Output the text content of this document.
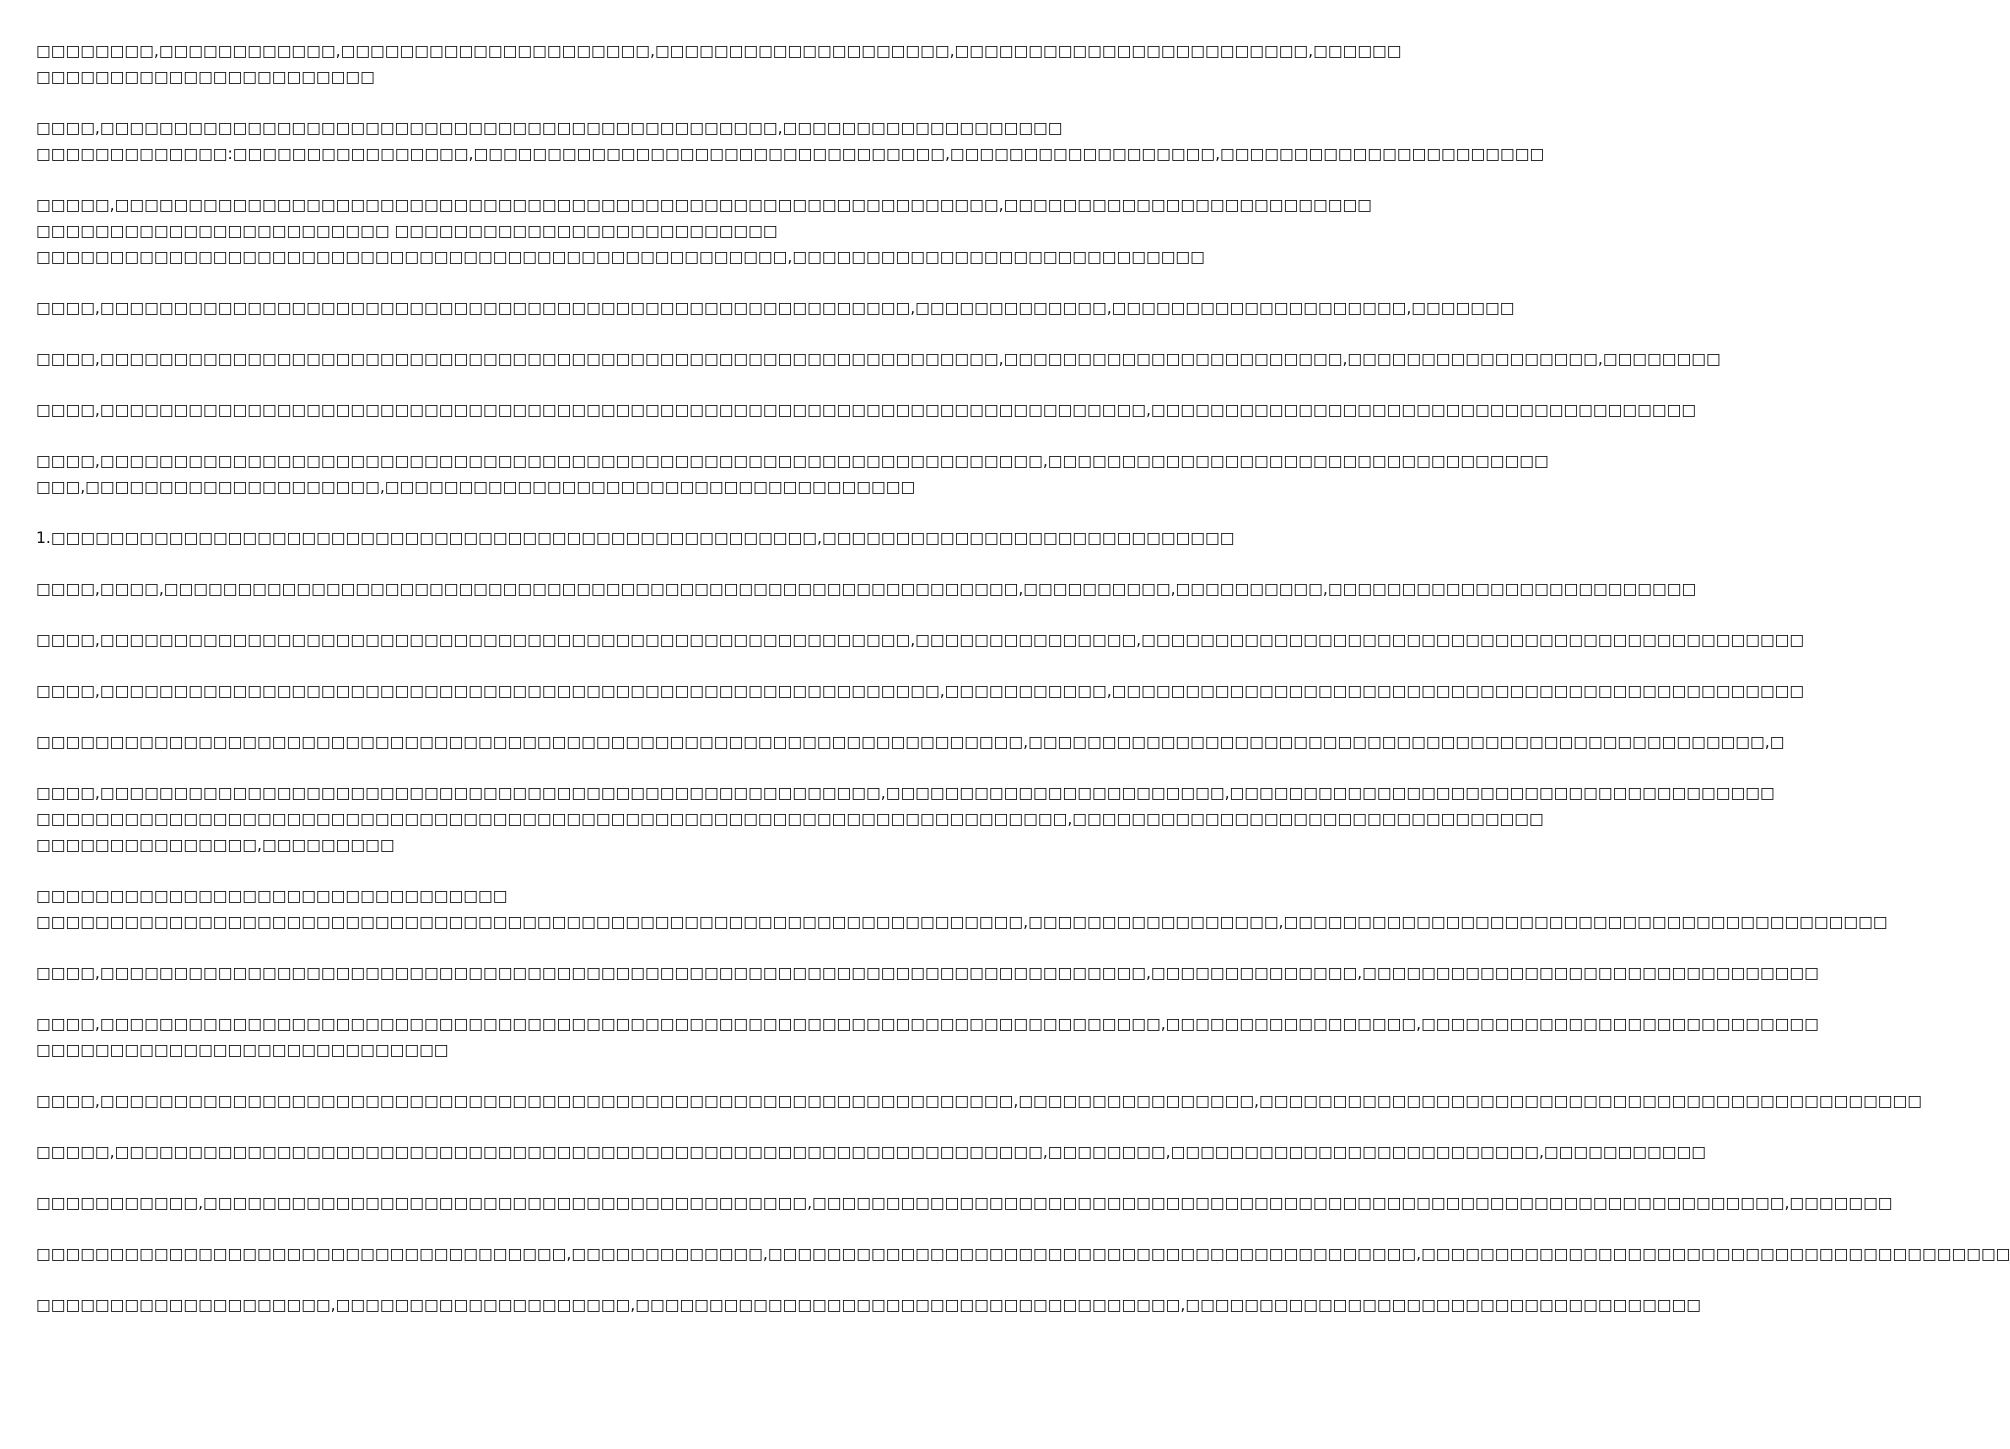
□□□□□□□□,□□□□□□□□□□□□,□□□□□□□□□□□□□□□□□□□□□,□□□□□□□□□□□□□□□□□□□□,□□□□□□□□□□□□□□□□□□□□□□□□,□□□□□□
□□□□□□□□□□□□□□□□□□□□□□□
□□□□,□□□□□□□□□□□□□□□□□□□□□□□□□□□□□□□□□□□□□□□□□□□□□□,□□□□□□□□□□□□□□□□□□□
□□□□□□□□□□□□□:□□□□□□□□□□□□□□□□,□□□□□□□□□□□□□□□□□□□□□□□□□□□□□□□□,□□□□□□□□□□□□□□□□□□,□□□□□□□□□□□□□□□□□□□□□□
□□□□□,□□□□□□□□□□□□□□□□□□□□□□□□□□□□□□□□□□□□□□□□□□□□□□□□□□□□□□□□□□□□,□□□□□□□□□□□□□□□□□□□□□□□□□
□□□□□□□□□□□□□□□□□□□□□□□□ □□□□□□□□□□□□□□□□□□□□□□□□□□
□□□□□□□□□□□□□□□□□□□□□□□□□□□□□□□□□□□□□□□□□□□□□□□□□□□,□□□□□□□□□□□□□□□□□□□□□□□□□□□□
□□□□,□□□□□□□□□□□□□□□□□□□□□□□□□□□□□□□□□□□□□□□□□□□□□□□□□□□□□□□,□□□□□□□□□□□□□,□□□□□□□□□□□□□□□□□□□□,□□□□□□□
□□□□,□□□□□□□□□□□□□□□□□□□□□□□□□□□□□□□□□□□□□□□□□□□□□□□□□□□□□□□□□□□□□,□□□□□□□□□□□□□□□□□□□□□□□,□□□□□□□□□□□□□□□□□,□□□□□□□□
□□□□,□□□□□□□□□□□□□□□□□□□□□□□□□□□□□□□□□□□□□□□□□□□□□□□□□□□□□□□□□□□□□□□□□□□□□□□,□□□□□□□□□□□□□□□□□□□□□□□□□□□□□□□□□□□□□
□□□□,□□□□□□□□□□□□□□□□□□□□□□□□□□□□□□□□□□□□□□□□□□□□□□□□□□□□□□□□□□□□□□□□,□□□□□□□□□□□□□□□□□□□□□□□□□□□□□□□□□□
□□□,□□□□□□□□□□□□□□□□□□□□,□□□□□□□□□□□□□□□□□□□□□□□□□□□□□□□□□□□□
1.□□□□□□□□□□□□□□□□□□□□□□□□□□□□□□□□□□□□□□□□□□□□□□□□□□□□,□□□□□□□□□□□□□□□□□□□□□□□□□□□□
□□□□,□□□□,□□□□□□□□□□□□□□□□□□□□□□□□□□□□□□□□□□□□□□□□□□□□□□□□□□□□□□□□□□,□□□□□□□□□□,□□□□□□□□□□,□□□□□□□□□□□□□□□□□□□□□□□□□
□□□□,□□□□□□□□□□□□□□□□□□□□□□□□□□□□□□□□□□□□□□□□□□□□□□□□□□□□□□□,□□□□□□□□□□□□□□□,□□□□□□□□□□□□□□□□□□□□□□□□□□□□□□□□□□□□□□□□□□□□□
□□□□,□□□□□□□□□□□□□□□□□□□□□□□□□□□□□□□□□□□□□□□□□□□□□□□□□□□□□□□□□,□□□□□□□□□□□,□□□□□□□□□□□□□□□□□□□□□□□□□□□□□□□□□□□□□□□□□□□□□□□
□□□□□□□□□□□□□□□□□□□□□□□□□□□□□□□□□□□□□□□□□□□□□□□□□□□□□□□□□□□□□□□□□□□,□□□□□□□□□□□□□□□□□□□□□□□□□□□□□□□□□□□□□□□□□□□□□□□□□□,□
□□□□,□□□□□□□□□□□□□□□□□□□□□□□□□□□□□□□□□□□□□□□□□□□□□□□□□□□□□,□□□□□□□□□□□□□□□□□□□□□□□,□□□□□□□□□□□□□□□□□□□□□□□□□□□□□□□□□□□□□
□□□□□□□□□□□□□□□□□□□□□□□□□□□□□□□□□□□□□□□□□□□□□□□□□□□□□□□□□□□□□□□□□□□□□□,□□□□□□□□□□□□□□□□□□□□□□□□□□□□□□□□
□□□□□□□□□□□□□□□,□□□□□□□□□
□□□□□□□□□□□□□□□□□□□□□□□□□□□□□□□□
□□□□□□□□□□□□□□□□□□□□□□□□□□□□□□□□□□□□□□□□□□□□□□□□□□□□□□□□□□□□□□□□□□□,□□□□□□□□□□□□□□□□□,□□□□□□□□□□□□□□□□□□□□□□□□□□□□□□□□□□□□□□□□□
□□□□,□□□□□□□□□□□□□□□□□□□□□□□□□□□□□□□□□□□□□□□□□□□□□□□□□□□□□□□□□□□□□□□□□□□□□□□,□□□□□□□□□□□□□□,□□□□□□□□□□□□□□□□□□□□□□□□□□□□□□□
□□□□,□□□□□□□□□□□□□□□□□□□□□□□□□□□□□□□□□□□□□□□□□□□□□□□□□□□□□□□□□□□□□□□□□□□□□□□□,□□□□□□□□□□□□□□□□□,□□□□□□□□□□□□□□□□□□□□□□□□□□□
□□□□□□□□□□□□□□□□□□□□□□□□□□□□
□□□□,□□□□□□□□□□□□□□□□□□□□□□□□□□□□□□□□□□□□□□□□□□□□□□□□□□□□□□□□□□□□□□,□□□□□□□□□□□□□□□□,□□□□□□□□□□□□□□□□□□□□□□□□□□□□□□□□□□□□□□□□□□□□□
□□□□□,□□□□□□□□□□□□□□□□□□□□□□□□□□□□□□□□□□□□□□□□□□□□□□□□□□□□□□□□□□□□□□□,□□□□□□□□,□□□□□□□□□□□□□□□□□□□□□□□□□,□□□□□□□□□□□
□□□□□□□□□□□,□□□□□□□□□□□□□□□□□□□□□□□□□□□□□□□□□□□□□□□□□,□□□□□□□□□□□□□□□□□□□□□□□□□□□□□□□□□□□□□□□□□□□□□□□□□□□□□□□□□□□□□□□□□□,□□□□□□□
□□□□□□□□□□□□□□□□□□□□□□□□□□□□□□□□□□□□,□□□□□□□□□□□□□,□□□□□□□□□□□□□□□□□□□□□□□□□□□□□□□□□□□□□□□□□□□□,□□□□□□□□□□□□□□□□□□□□□□□□□□□□□□□□□□□□□□□□
□□□□□□□□□□□□□□□□□□□□,□□□□□□□□□□□□□□□□□□□□,□□□□□□□□□□□□□□□□□□□□□□□□□□□□□□□□□□□□□,□□□□□□□□□□□□□□□□□□□□□□□□□□□□□□□□□□□
